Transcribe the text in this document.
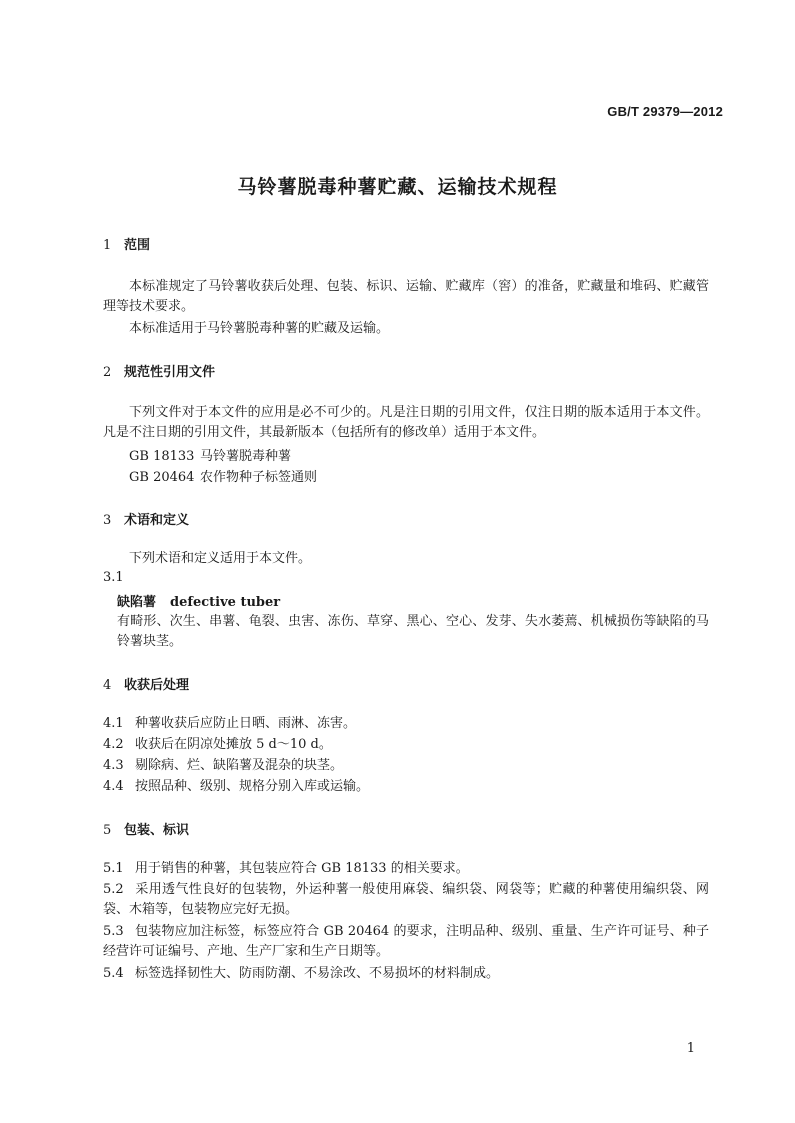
GB/T 29379—2012
马铃薯脱毒种薯贮藏、运输技术规程
1 范围
本标准规定了马铃薯收获后处理、包装、标识、运输、贮藏库（窖）的准备，贮藏量和堆码、贮藏管理等技术要求。
本标准适用于马铃薯脱毒种薯的贮藏及运输。
2 规范性引用文件
下列文件对于本文件的应用是必不可少的。凡是注日期的引用文件，仅注日期的版本适用于本文件。凡是不注日期的引用文件，其最新版本（包括所有的修改单）适用于本文件。
GB 18133 马铃薯脱毒种薯
GB 20464 农作物种子标签通则
3 术语和定义
下列术语和定义适用于本文件。
3.1
缺陷薯 defective tuber
有畸形、次生、串薯、龟裂、虫害、冻伤、草穿、黑心、空心、发芽、失水萎蔫、机械损伤等缺陷的马铃薯块茎。
4 收获后处理
4.1 种薯收获后应防止日晒、雨淋、冻害。
4.2 收获后在阴凉处摊放 5 d～10 d。
4.3 剔除病、烂、缺陷薯及混杂的块茎。
4.4 按照品种、级别、规格分别入库或运输。
5 包装、标识
5.1 用于销售的种薯，其包装应符合 GB 18133 的相关要求。
5.2 采用透气性良好的包装物，外运种薯一般使用麻袋、编织袋、网袋等；贮藏的种薯使用编织袋、网袋、木箱等，包装物应完好无损。
5.3 包装物应加注标签，标签应符合 GB 20464 的要求，注明品种、级别、重量、生产许可证号、种子经营许可证编号、产地、生产厂家和生产日期等。
5.4 标签选择韧性大、防雨防潮、不易涂改、不易损坏的材料制成。
1
